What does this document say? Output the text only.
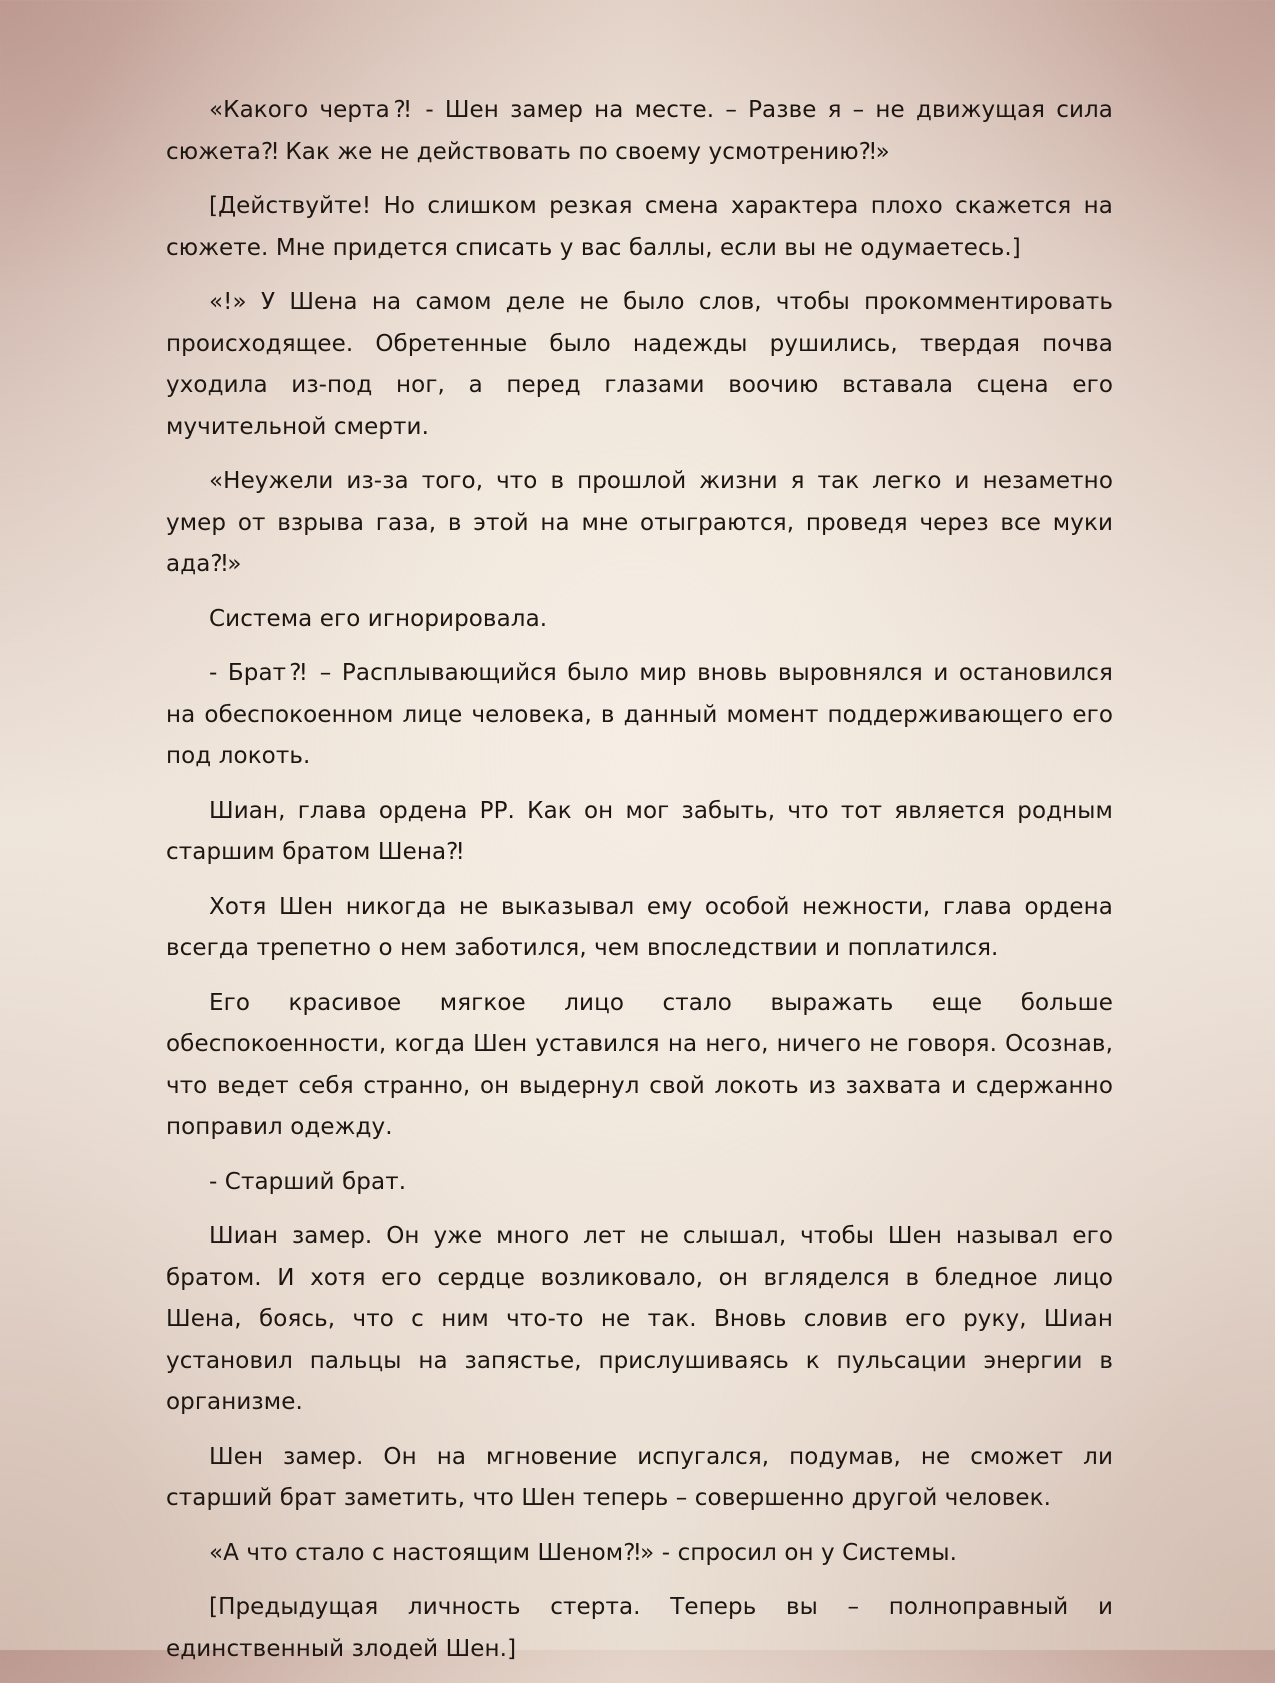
«Какого черта⁈ - Шен замер на месте. – Разве я – не движущая сила сюжета⁈ Как же не действовать по своему усмотрению⁈»

[Действуйте! Но слишком резкая смена характера плохо скажется на сюжете. Мне придется списать у вас баллы, если вы не одумаетесь.]

«!» У Шена на самом деле не было слов, чтобы прокомментировать происходящее. Обретенные было надежды рушились, твердая почва уходила из-под ног, а перед глазами воочию вставала сцена его мучительной смерти.

«Неужели из-за того, что в прошлой жизни я так легко и незаметно умер от взрыва газа, в этой на мне отыграются, проведя через все муки ада⁈»

Система его игнорировала.

- Брат⁈ – Расплывающийся было мир вновь выровнялся и остановился на обеспокоенном лице человека, в данный момент поддерживающего его под локоть.

Шиан, глава ордена РР. Как он мог забыть, что тот является родным старшим братом Шена⁈

Хотя Шен никогда не выказывал ему особой нежности, глава ордена всегда трепетно о нем заботился, чем впоследствии и поплатился.

Его красивое мягкое лицо стало выражать еще больше обеспокоенности, когда Шен уставился на него, ничего не говоря. Осознав, что ведет себя странно, он выдернул свой локоть из захвата и сдержанно поправил одежду.

- Старший брат.

Шиан замер. Он уже много лет не слышал, чтобы Шен называл его братом. И хотя его сердце возликовало, он вгляделся в бледное лицо Шена, боясь, что с ним что-то не так. Вновь словив его руку, Шиан установил пальцы на запястье, прислушиваясь к пульсации энергии в организме.

Шен замер. Он на мгновение испугался, подумав, не сможет ли старший брат заметить, что Шен теперь – совершенно другой человек.

«А что стало с настоящим Шеном⁈» - спросил он у Системы.

[Предыдущая личность стерта. Теперь вы – полноправный и единственный злодей Шен.]
